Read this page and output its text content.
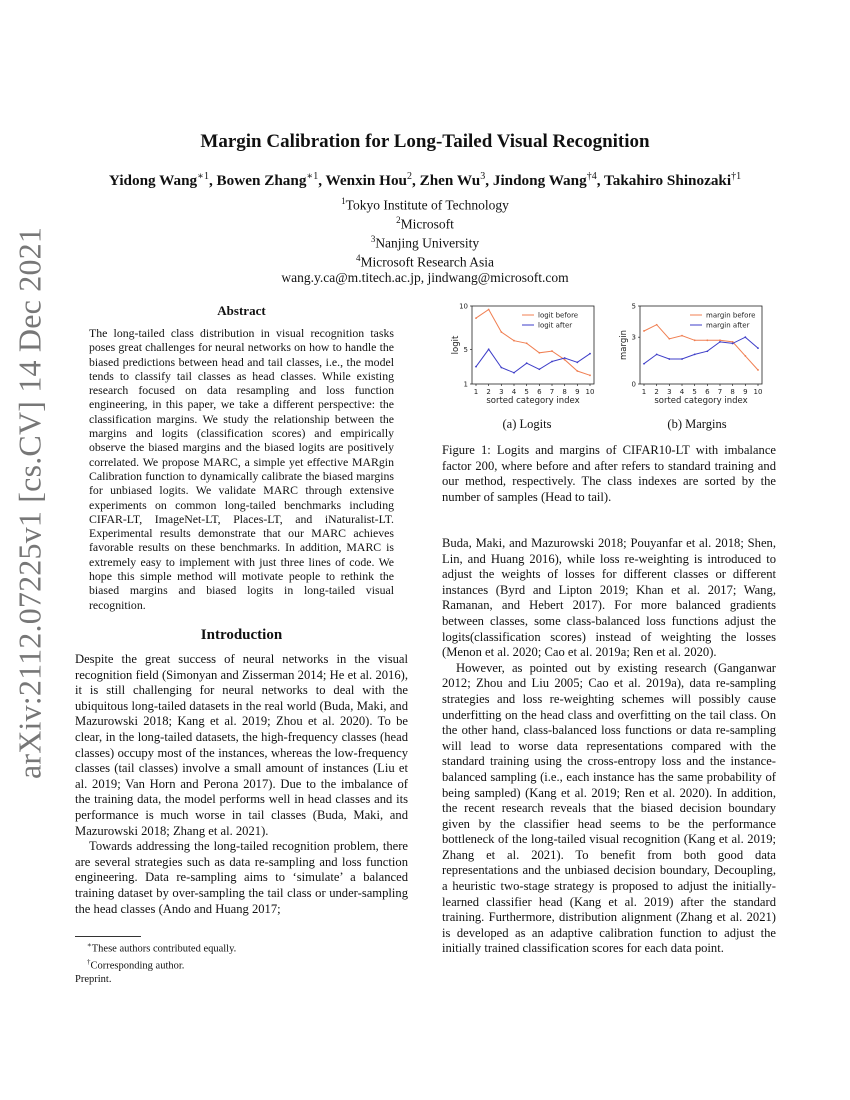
arXiv:2112.07225v1 [cs.CV] 14 Dec 2021
Margin Calibration for Long-Tailed Visual Recognition
Yidong Wang$^{∗1}$, Bowen Zhang$^{∗1}$, Wenxin Hou$^2$, Zhen Wu$^3$, Jindong Wang$^{\dagger 4}$, Takahiro Shinozaki$^{\dagger 1}$
$^1$Tokyo Institute of Technology
$^2$Microsoft
$^3$Nanjing University
$^4$Microsoft Research Asia
wang.y.ca@m.titech.ac.jp, jindwang@microsoft.com
Abstract
The long-tailed class distribution in visual recognition tasks poses great challenges for neural networks on how to handle the biased predictions between head and tail classes, i.e., the model tends to classify tail classes as head classes. While existing research focused on data resampling and loss function engineering, in this paper, we take a different perspective: the classification margins. We study the relationship between the margins and logits (classification scores) and empirically observe the biased margins and the biased logits are positively correlated. We propose MARC, a simple yet effective MARgin Calibration function to dynamically calibrate the biased margins for unbiased logits. We validate MARC through extensive experiments on common long-tailed benchmarks including CIFAR-LT, ImageNet-LT, Places-LT, and iNaturalist-LT. Experimental results demonstrate that our MARC achieves favorable results on these benchmarks. In addition, MARC is extremely easy to implement with just three lines of code. We hope this simple method will motivate people to rethink the biased margins and biased logits in long-tailed visual recognition.
Introduction

Despite the great success of neural networks in the visual recognition field (Simonyan and Zisserman 2014; He et al. 2016), it is still challenging for neural networks to deal with the ubiquitous long-tailed datasets in the real world (Buda, Maki, and Mazurowski 2018; Kang et al. 2019; Zhou et al. 2020). To be clear, in the long-tailed datasets, the high-frequency classes (head classes) occupy most of the instances, whereas the low-frequency classes (tail classes) involve a small amount of instances (Liu et al. 2019; Van Horn and Perona 2017). Due to the imbalance of the training data, the model performs well in head classes and its performance is much worse in tail classes (Buda, Maki, and Mazurowski 2018; Zhang et al. 2021).

Towards addressing the long-tailed recognition problem, there are several strategies such as data re-sampling and loss function engineering. Data re-sampling aims to ‘simulate’ a balanced training dataset by over-sampling the tail class or under-sampling the head classes (Ando and Huang 2017;

∗These authors contributed equally.
†Corresponding author.
Preprint.
1
5
10
1 2 3 4 5 6 7 8 9 10
sorted category index
logit
logit before
logit after
0
3
5
1 2 3 4 5 6 7 8 9 10
sorted category index
margin
margin before
margin after
(a) Logits	(b) Margins
Figure 1: Logits and margins of CIFAR10-LT with imbalance factor 200, where before and after refers to standard training and our method, respectively. The class indexes are sorted by the number of samples (Head to tail).

Buda, Maki, and Mazurowski 2018; Pouyanfar et al. 2018; Shen, Lin, and Huang 2016), while loss re-weighting is introduced to adjust the weights of losses for different classes or different instances (Byrd and Lipton 2019; Khan et al. 2017; Wang, Ramanan, and Hebert 2017). For more balanced gradients between classes, some class-balanced loss functions adjust the logits(classification scores) instead of weighting the losses (Menon et al. 2020; Cao et al. 2019a; Ren et al. 2020).

However, as pointed out by existing research (Ganganwar 2012; Zhou and Liu 2005; Cao et al. 2019a), data re-sampling strategies and loss re-weighting schemes will possibly cause underfitting on the head class and overfitting on the tail class. On the other hand, class-balanced loss functions or data re-sampling will lead to worse data representations compared with the standard training using the cross-entropy loss and the instance-balanced sampling (i.e., each instance has the same probability of being sampled) (Kang et al. 2019; Ren et al. 2020). In addition, the recent research reveals that the biased decision boundary given by the classifier head seems to be the performance bottleneck of the long-tailed visual recognition (Kang et al. 2019; Zhang et al. 2021). To benefit from both good data representations and the unbiased decision boundary, Decoupling, a heuristic two-stage strategy is proposed to adjust the initially-learned classifier head (Kang et al. 2019) after the standard training. Furthermore, distribution alignment (Zhang et al. 2021) is developed as an adaptive calibration function to adjust the initially trained classification scores for each data point.
